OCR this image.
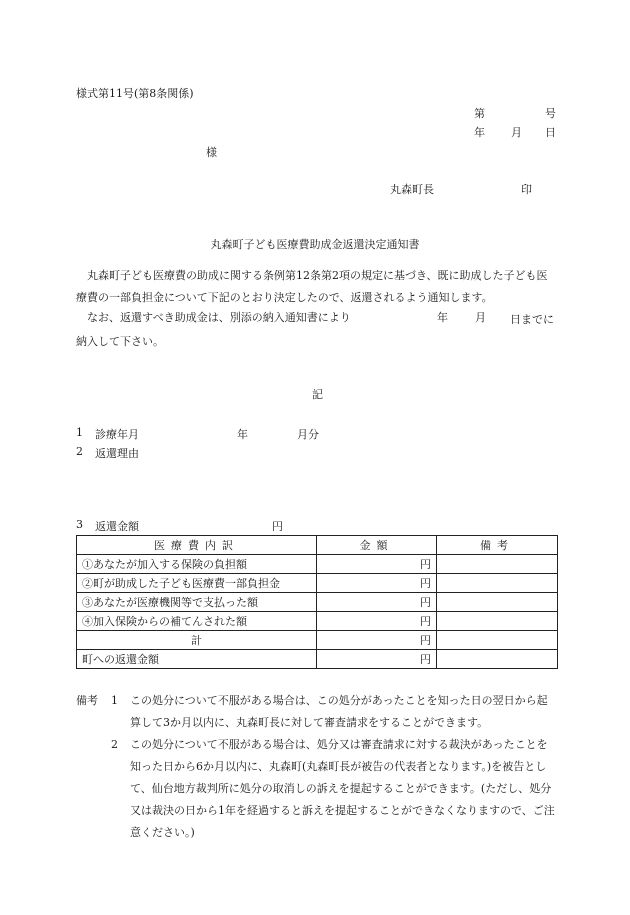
様式第11号(第8条関係)
第	号
年 月 日
様
丸森町長	印
丸森町子ども医療費助成金返還決定通知書

丸森町子ども医療費の助成に関する条例第12条第2項の規定に基づき、既に助成した子ども医療費の一部負担金について下記のとおり決定したので、返還されるよう通知します。

なお、返還すべき助成金は、別添の納入通知書により	年 月	日までに納入して下さい。
記
1 診療年月	年	月分
2 返還理由
3 返還金額	円
医療費内訳	金額	備考
①あなたが加入する保険の負担額	円	
②町が助成した子ども医療費一部負担金	円	
③あなたが医療機関等で支払った額	円	
④加入保険からの補てんされた額	円	
計	円	
町への返還金額	円	
備考	1	この処分について不服がある場合は、この処分があったことを知った日の翌日から起算して3か月以内に、丸森町長に対して審査請求をすることができます。
2	この処分について不服がある場合は、処分又は審査請求に対する裁決があったことを知った日から6か月以内に、丸森町(丸森町長が被告の代表者となります。)を被告として、仙台地方裁判所に処分の取消しの訴えを提起することができます。(ただし、処分又は裁決の日から1年を経過すると訴えを提起することができなくなりますので、ご注意ください。)
